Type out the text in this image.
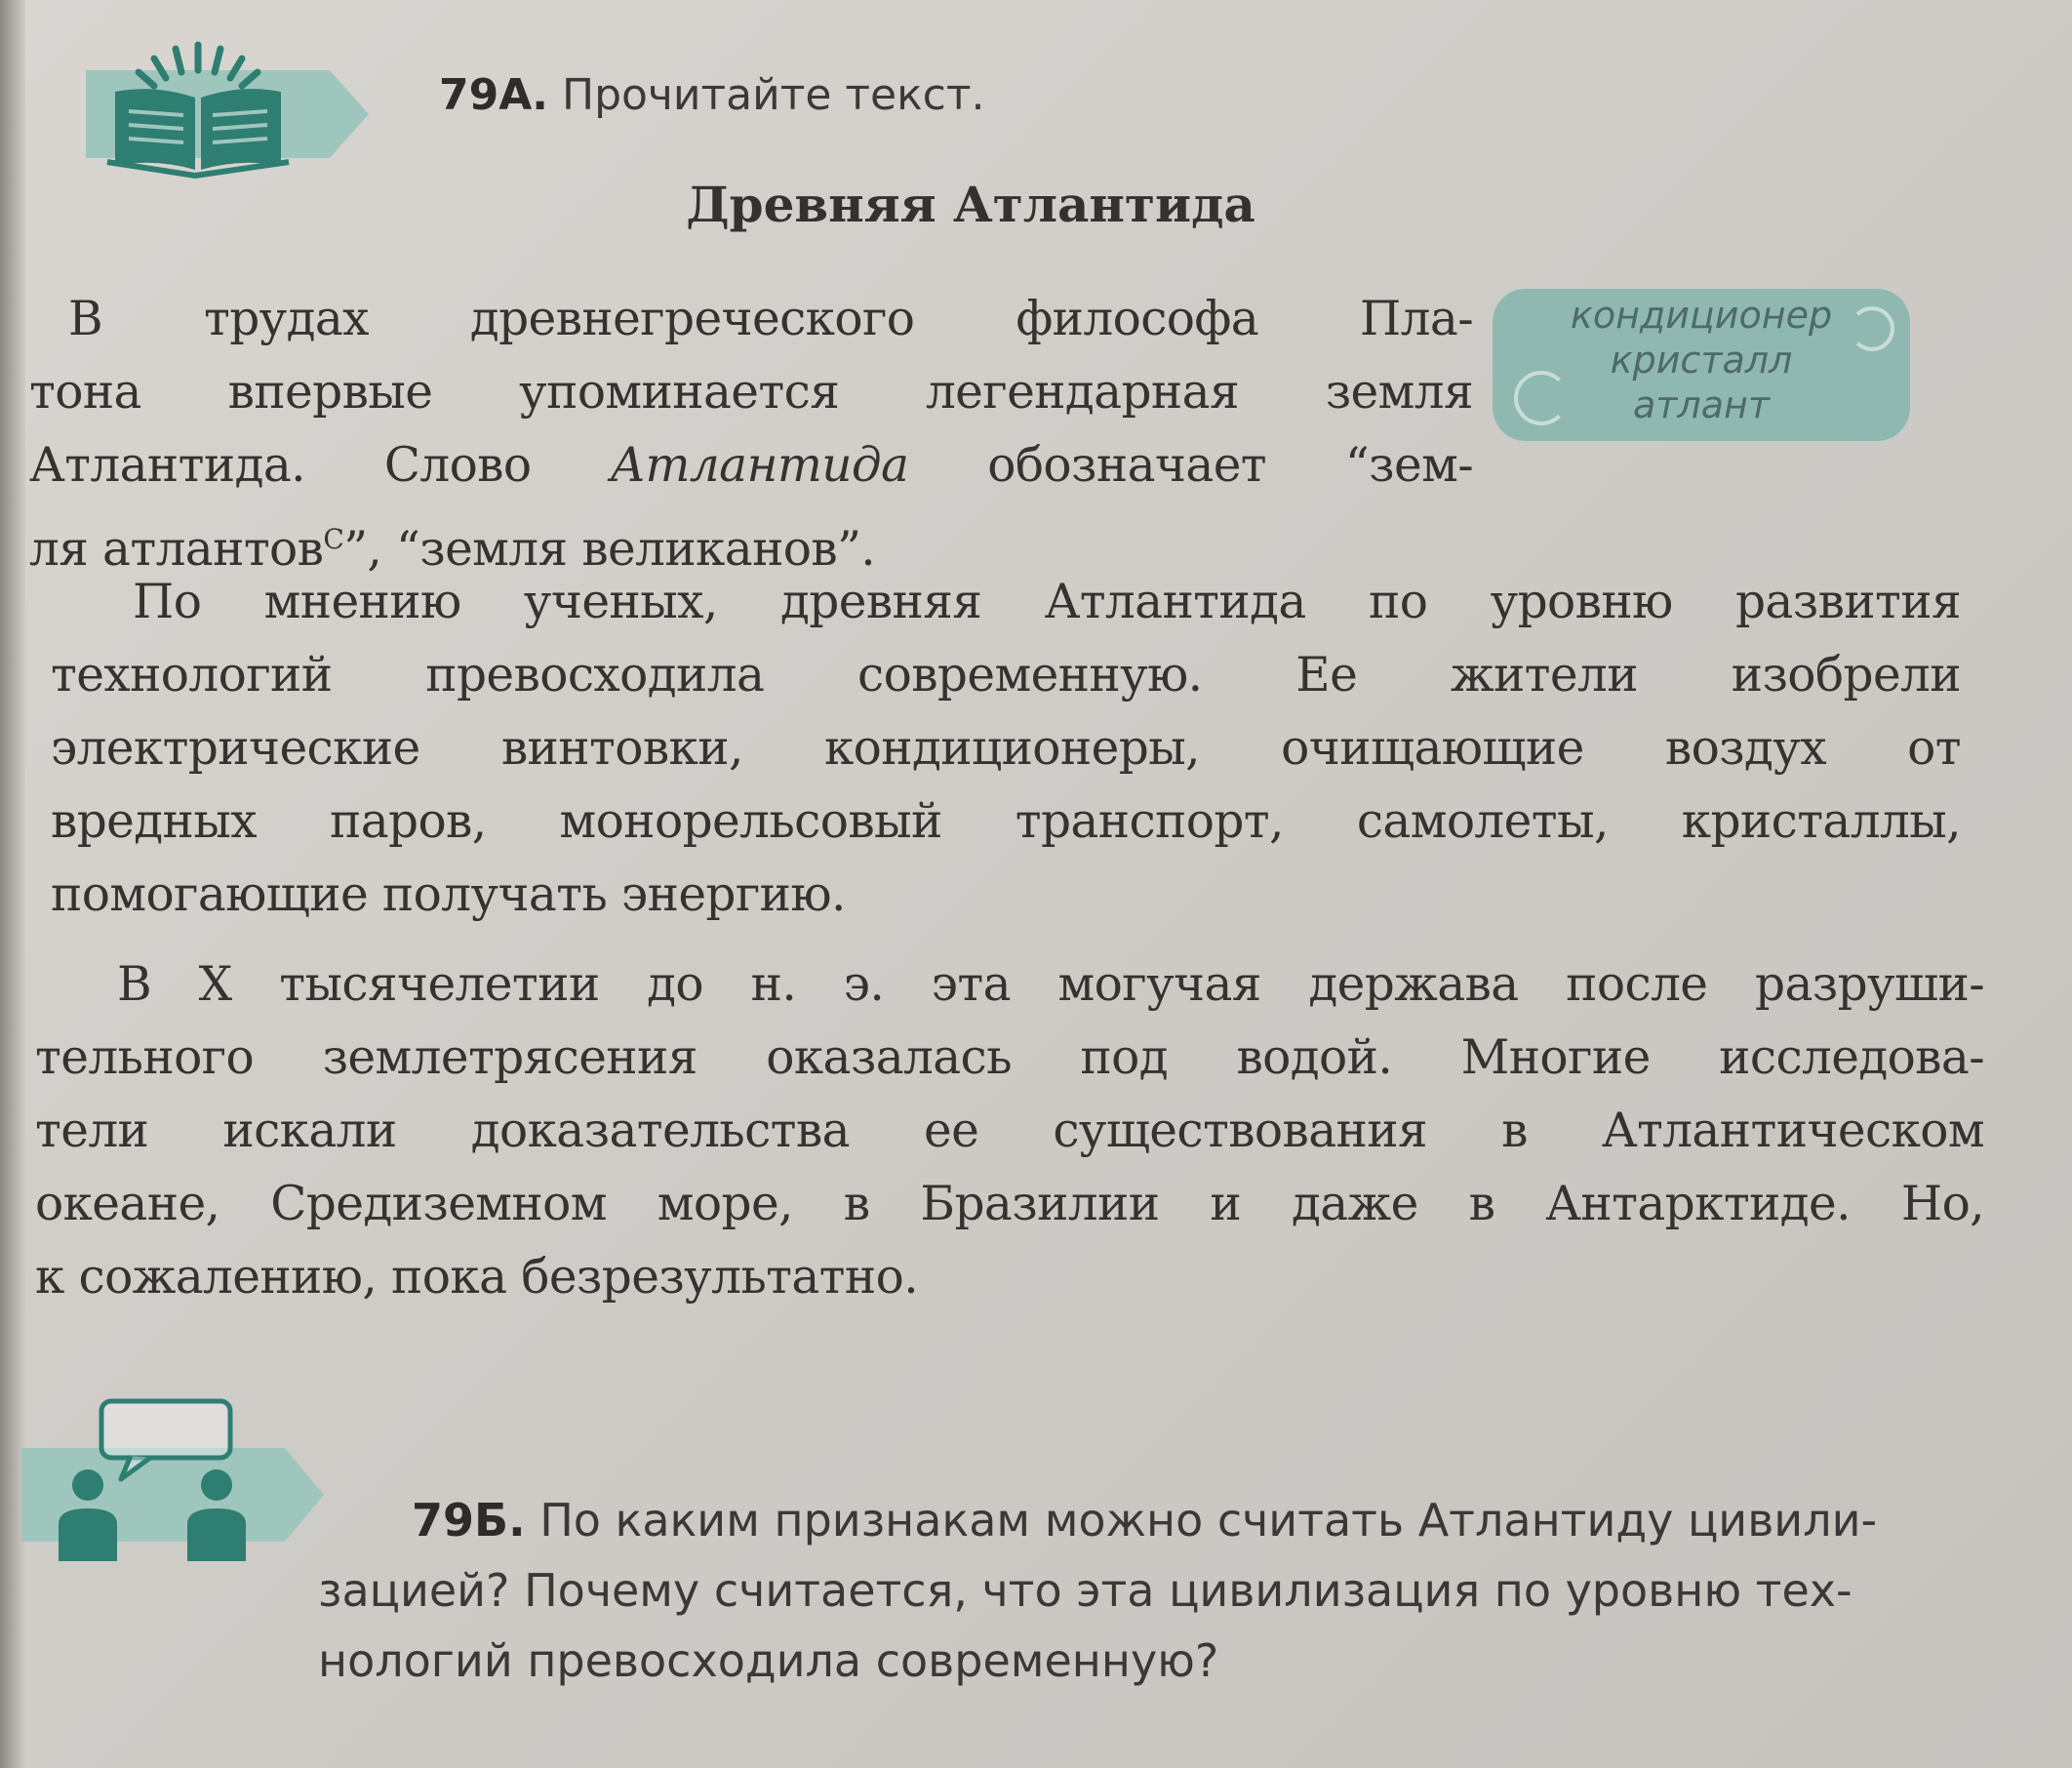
79А. Прочитайте текст.
Древняя Атлантида
кондиционер
кристалл
атлант
В трудах древнегреческого философа Пла-
тона впервые упоминается легендарная земля
Атлантида. Слово Атлантида обозначает “зем-
ля атлантов$^С$”, “земля великанов”.
По мнению ученых, древняя Атлантида по уровню развития
технологий превосходила современную. Ее жители изобрели
электрические винтовки, кондиционеры, очищающие воздух от
вредных паров, монорельсовый транспорт, самолеты, кристаллы,
помогающие получать энергию.
В X тысячелетии до н. э. эта могучая держава после разруши-
тельного землетрясения оказалась под водой. Многие исследова-
тели искали доказательства ее существования в Атлантическом
океане, Средиземном море, в Бразилии и даже в Антарктиде. Но,
к сожалению, пока безрезультатно.
79Б. По каким признакам можно считать Атлантиду цивили-
зацией? Почему считается, что эта цивилизация по уровню тех-
нологий превосходила современную?
